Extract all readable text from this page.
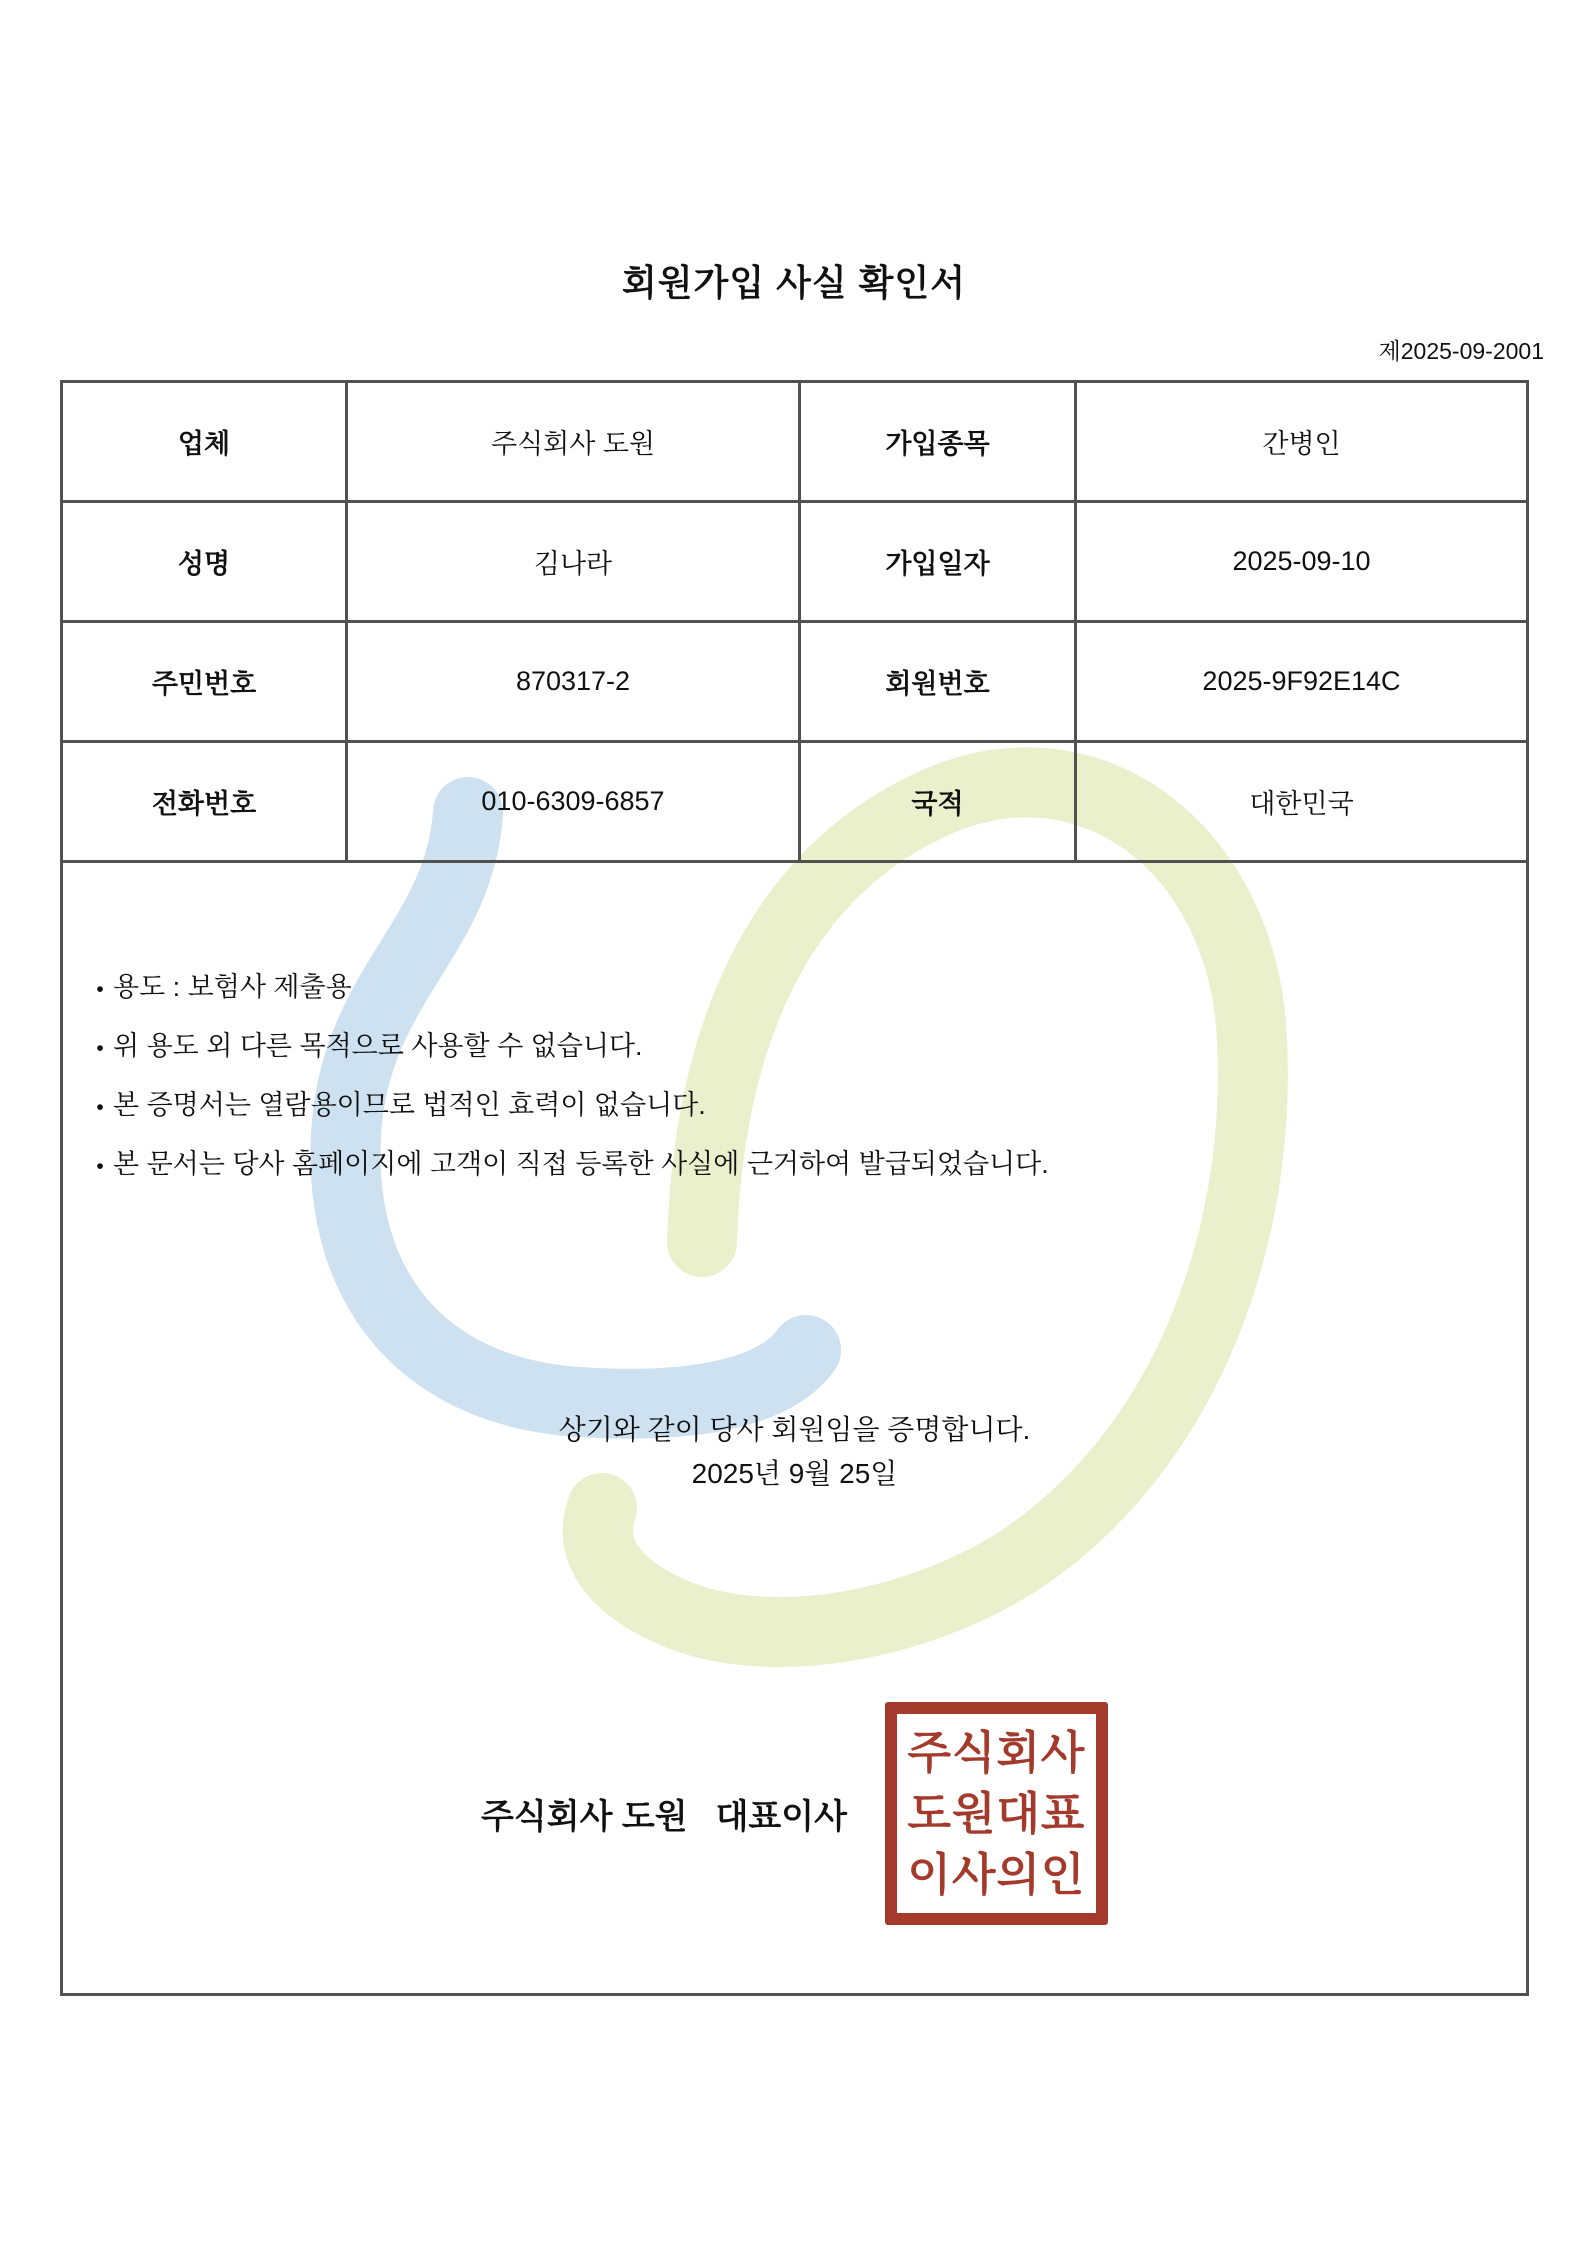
회원가입 사실 확인서
제2025-09-2001
업체	주식회사 도원	가입종목	간병인
성명	김나라	가입일자	2025-09-10
주민번호	870317-2	회원번호	2025-9F92E14C
전화번호	010-6309-6857	국적	대한민국

• 용도 : 보험사 제출용
• 위 용도 외 다른 목적으로 사용할 수 없습니다.
• 본 증명서는 열람용이므로 법적인 효력이 없습니다.
• 본 문서는 당사 홈페이지에 고객이 직접 등록한 사실에 근거하여 발급되었습니다.
상기와 같이 당사 회원임을 증명합니다.
2025년 9월 25일
주식회사 도원 대표이사
주식회사
도원대표
이사의인
